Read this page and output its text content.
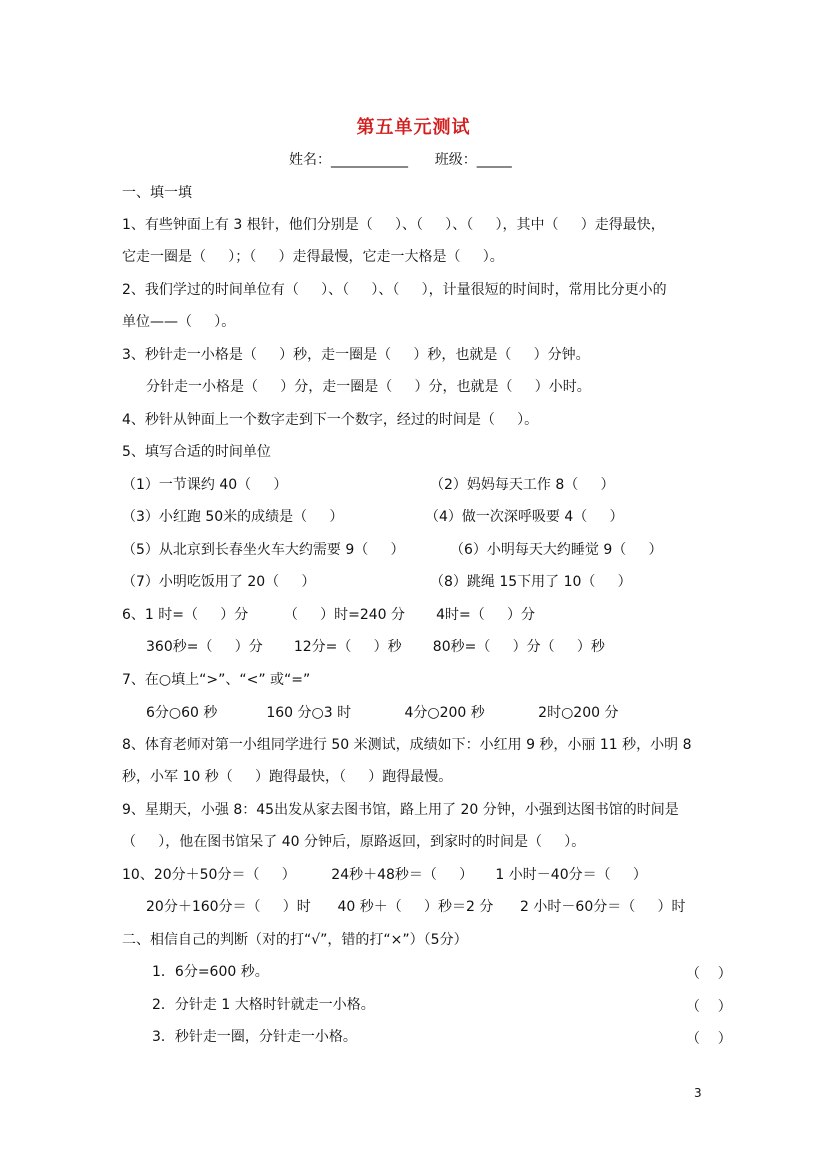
第五单元测试
姓名：___________      班级：_____
一、填一填
1、有些钟面上有 3 根针，他们分别是（     ）、（     ）、（     ），其中（     ）走得最快，
它走一圈是（     ）；（     ）走得最慢，它走一大格是（     ）。
2、我们学过的时间单位有（     ）、（     ）、（     ），计量很短的时间时，常用比分更小的
单位——（     ）。
3、秒针走一小格是（     ）秒，走一圈是（     ）秒，也就是（     ）分钟。
分针走一小格是（     ）分，走一圈是（     ）分，也就是（     ）小时。
4、秒针从钟面上一个数字走到下一个数字，经过的时间是（     ）。
5、填写合适的时间单位
（1）一节课约 40（     ）	（2）妈妈每天工作 8（     ）
（3）小红跑 50米的成绩是（     ）	（4）做一次深呼吸要 4（     ）
（5）从北京到长春坐火车大约需要 9（     ）	（6）小明每天大约睡觉 9（     ）
（7）小明吃饭用了 20（     ）	（8）跳绳 15下用了 10（     ）
6、1 时=（     ）分        （     ）时=240 分       4时=（     ）分
360秒=（     ）分       12分=（     ）秒       80秒=（     ）分（     ）秒
7、在○填上“>”、“<” 或“=”
6分○60 秒           160 分○3 时            4分○200 秒            2时○200 分
8、体育老师对第一小组同学进行 50 米测试，成绩如下：小红用 9 秒，小丽 11 秒，小明 8
秒，小军 10 秒（     ）跑得最快，（     ）跑得最慢。
9、星期天，小强 8：45出发从家去图书馆，路上用了 20 分钟，小强到达图书馆的时间是
（     ），他在图书馆呆了 40 分钟后，原路返回，到家时的时间是（     ）。
10、20分＋50分＝（     ）        24秒＋48秒＝（     ）     1 小时－40分＝（     ）
20分＋160分＝（     ）时      40 秒＋（     ）秒＝2 分      2 小时－60分＝（     ）时
二、相信自己的判断（对的打“√”，错的打“×”）（5分）
1．6分=600 秒。	（    ）
2．分针走 1 大格时针就走一小格。	（    ）
3．秒针走一圈，分针走一小格。	（    ）
3
